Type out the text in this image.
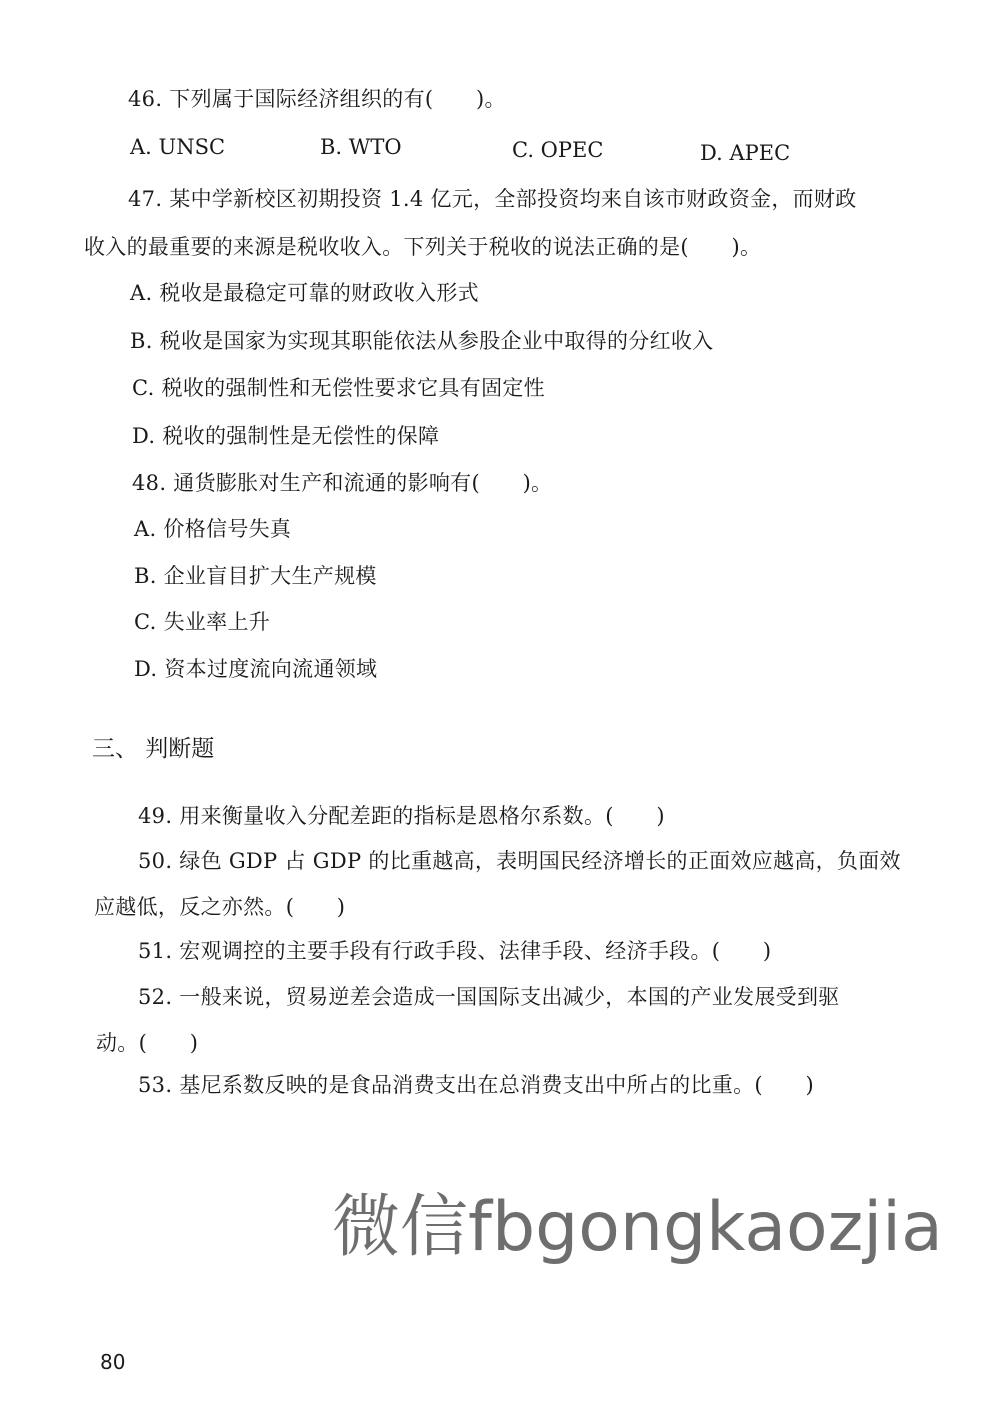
46. 下列属于国际经济组织的有(　　)。
A. UNSC	B. WTO	C. OPEC	D. APEC
47. 某中学新校区初期投资 1.4 亿元，全部投资均来自该市财政资金，而财政
收入的最重要的来源是税收收入。下列关于税收的说法正确的是(　　)。
A. 税收是最稳定可靠的财政收入形式
B. 税收是国家为实现其职能依法从参股企业中取得的分红收入
C. 税收的强制性和无偿性要求它具有固定性
D. 税收的强制性是无偿性的保障
48. 通货膨胀对生产和流通的影响有(　　)。
A. 价格信号失真
B. 企业盲目扩大生产规模
C. 失业率上升
D. 资本过度流向流通领域
三、 判断题
49. 用来衡量收入分配差距的指标是恩格尔系数。(　　)
50. 绿色 GDP 占 GDP 的比重越高，表明国民经济增长的正面效应越高，负面效
应越低，反之亦然。(　　)
51. 宏观调控的主要手段有行政手段、法律手段、经济手段。(　　)
52. 一般来说，贸易逆差会造成一国国际支出减少，本国的产业发展受到驱
动。(　　)
53. 基尼系数反映的是食品消费支出在总消费支出中所占的比重。(　　)
微信fbgongkaozjia
80
